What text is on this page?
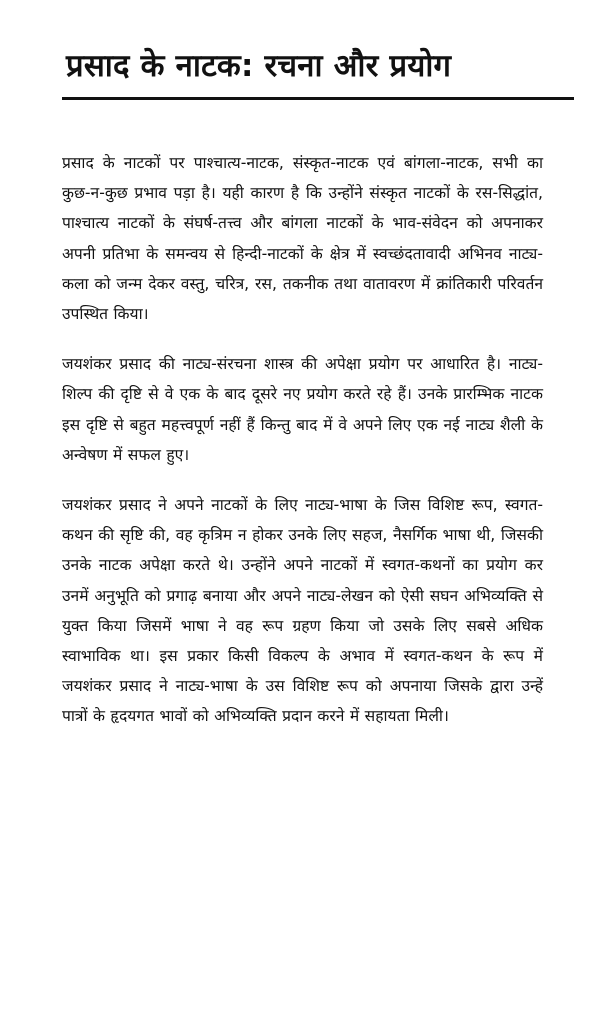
प्रसाद के नाटक: रचना और प्रयोग

प्रसाद के नाटकों पर पाश्चात्य-नाटक, संस्कृत-नाटक एवं बांगला-नाटक, सभी का कुछ-न-कुछ प्रभाव पड़ा है। यही कारण है कि उन्होंने संस्कृत नाटकों के रस-सिद्धांत, पाश्चात्य नाटकों के संघर्ष-तत्त्व और बांगला नाटकों के भाव-संवेदन को अपनाकर अपनी प्रतिभा के समन्वय से हिन्दी-नाटकों के क्षेत्र में स्वच्छंदतावादी अभिनव नाट्य-कला को जन्म देकर वस्तु, चरित्र, रस, तकनीक तथा वातावरण में क्रांतिकारी परिवर्तन उपस्थित किया।

जयशंकर प्रसाद की नाट्य-संरचना शास्त्र की अपेक्षा प्रयोग पर आधारित है। नाट्य-शिल्प की दृष्टि से वे एक के बाद दूसरे नए प्रयोग करते रहे हैं। उनके प्रारम्भिक नाटक इस दृष्टि से बहुत महत्त्वपूर्ण नहीं हैं किन्तु बाद में वे अपने लिए एक नई नाट्य शैली के अन्वेषण में सफल हुए।

जयशंकर प्रसाद ने अपने नाटकों के लिए नाट्य-भाषा के जिस विशिष्ट रूप, स्वगत-कथन की सृष्टि की, वह कृत्रिम न होकर उनके लिए सहज, नैसर्गिक भाषा थी, जिसकी उनके नाटक अपेक्षा करते थे। उन्होंने अपने नाटकों में स्वगत-कथनों का प्रयोग कर उनमें अनुभूति को प्रगाढ़ बनाया और अपने नाट्य-लेखन को ऐसी सघन अभिव्यक्ति से युक्त किया जिसमें भाषा ने वह रूप ग्रहण किया जो उसके लिए सबसे अधिक स्वाभाविक था। इस प्रकार किसी विकल्प के अभाव में स्वगत-कथन के रूप में जयशंकर प्रसाद ने नाट्य-भाषा के उस विशिष्ट रूप को अपनाया जिसके द्वारा उन्हें पात्रों के हृदयगत भावों को अभिव्यक्ति प्रदान करने में सहायता मिली।
